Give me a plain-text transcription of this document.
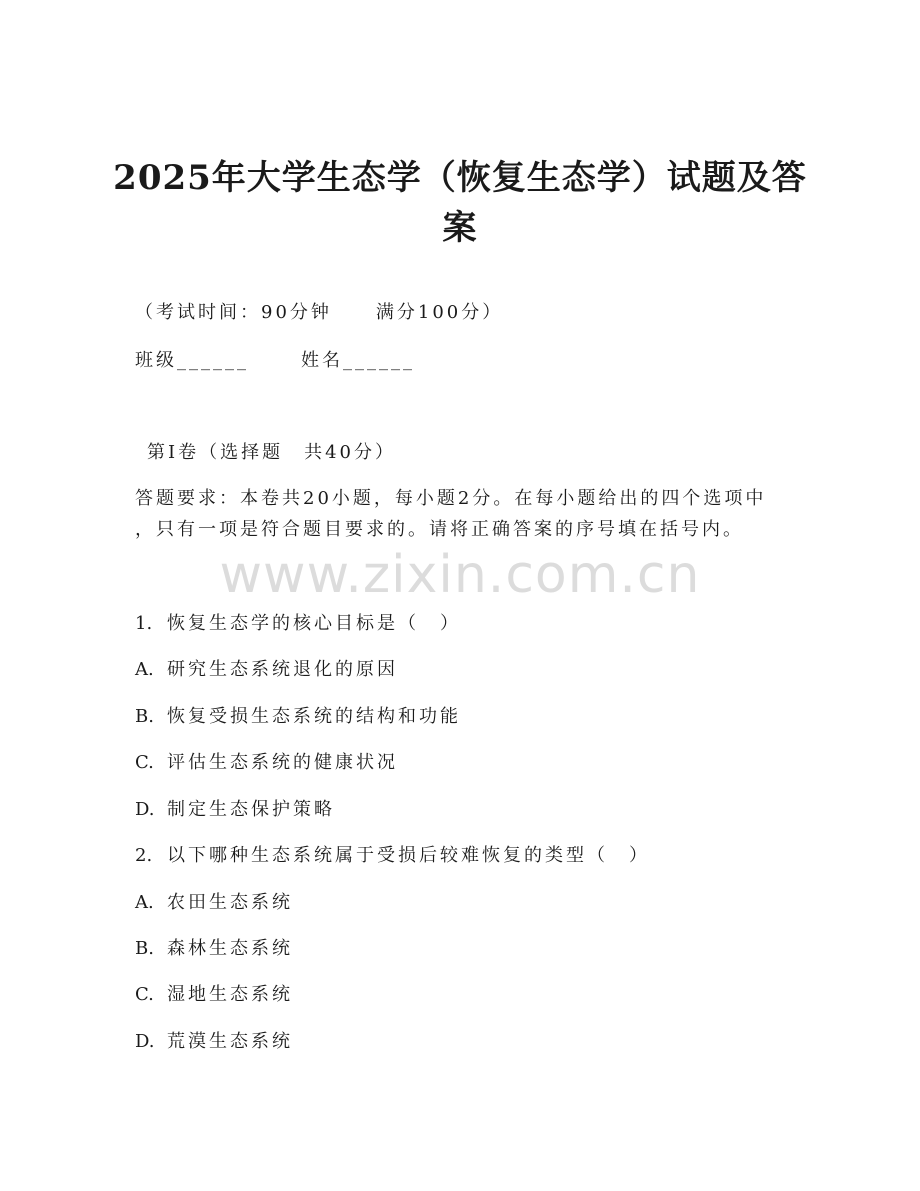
2025年大学生态学（恢复生态学）试题及答
案
（考试时间：90分钟 满分100分）
班级______	姓名______
第Ⅰ卷（选择题　共40分）
答题要求：本卷共20小题，每小题2分。在每小题给出的四个选项中
，只有一项是符合题目要求的。请将正确答案的序号填在括号内。
www.zixin.com.cn
1. 恢复生态学的核心目标是（　）
A. 研究生态系统退化的原因
B. 恢复受损生态系统的结构和功能
C. 评估生态系统的健康状况
D. 制定生态保护策略
2. 以下哪种生态系统属于受损后较难恢复的类型（　）
A. 农田生态系统
B. 森林生态系统
C. 湿地生态系统
D. 荒漠生态系统
